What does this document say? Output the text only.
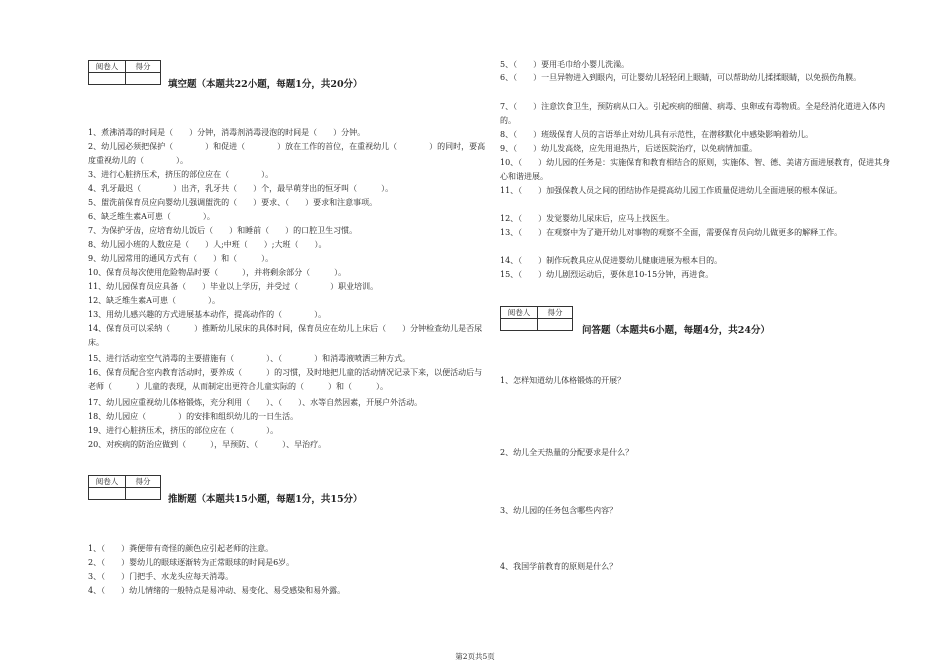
阅卷人	得分

填空题（本题共22小题，每题1分，共20分）
1、煮沸消毒的时间是（　　）分钟，消毒剂消毒浸泡的时间是（　　）分钟。
2、幼儿园必须把保护（　　　　）和促进（　　　　）放在工作的首位，在重视幼儿（　　　　）的同时，要高度重视幼儿的（　　　　）。
3、进行心脏挤压术，挤压的部位应在（　　　　）。
4、乳牙最迟（　　　　）出齐，乳牙共（　　）个，最早萌芽出的恒牙叫（　　　）。
5、盥洗前保育员应向婴幼儿强调盥洗的（　　）要求、（　　）要求和注意事项。
6、缺乏维生素A可患（　　　　）。
7、为保护牙齿，应培育幼儿饭后（　　）和睡前（　　）的口腔卫生习惯。
8、幼儿园小班的人数应是（　　）人;中班（　　）;大班（　　）。
9、幼儿园常用的通风方式有（　　）和（　　　）。
10、保育员每次使用危险物品时要（　　　），并将剩余部分（　　　）。
11、幼儿园保育员应具备（　　）毕业以上学历，并受过（　　　　）职业培训。
12、缺乏维生素A可患（　　　　）。
13、用幼儿感兴趣的方式进展基本动作，提高动作的（　　　　）。
14、保育员可以采纳（　　　）推断幼儿尿床的具体时间，保育员应在幼儿上床后（　　）分钟检查幼儿是否尿床。
15、进行活动室空气消毒的主要措施有（　　　　）、（　　　　）和消毒液喷洒三种方式。
16、保育员配合室内教育活动时，要养成（　　　）的习惯，及时地把儿童的活动情况记录下来，以便活动后与老师（　　　）儿童的表现，从而制定出更符合儿童实际的（　　　）和（　　　）。
17、幼儿园应重视幼儿体格锻炼，充分利用（　　）、（　　）、水等自然因素，开展户外活动。
18、幼儿园应（　　　　）的安排和组织幼儿的一日生活。
19、进行心脏挤压术，挤压的部位应在（　　　　）。
20、对疾病的防治应做到（　　　），早预防、（　　　）、早治疗。
阅卷人	得分

推断题（本题共15小题，每题1分，共15分）
1、（　　）粪便带有奇怪的颜色应引起老师的注意。
2、（　　）婴幼儿的眼球逐渐转为正常眼球的时间是6岁。
3、（　　）门把手、水龙头应每天消毒。
4、（　　）幼儿情绪的一般特点是易冲动、易变化、易受感染和易外露。
5、（　　）要用毛巾给小婴儿洗澡。
6、（　　）一旦异物进入到眼内，可让婴幼儿轻轻闭上眼睛，可以帮助幼儿揉揉眼睛，以免损伤角膜。
7、（　　）注意饮食卫生，预防病从口入。引起疾病的细菌、病毒、虫卵或有毒物质。全是经消化道进入体内的。
8、（　　）班级保育人员的言语举止对幼儿具有示范性，在潜移默化中感染影响着幼儿。
9、（　　）幼儿发高烧，应先用退热片，后送医院治疗，以免病情加重。
10、（　　）幼儿园的任务是：实施保育和教育相结合的原则，实施体、智、德、美诸方面进展教育，促进其身心和谐进展。
11、（　　）加强保教人员之间的团结协作是提高幼儿园工作质量促进幼儿全面进展的根本保证。
12、（　　）发觉婴幼儿尿床后，应马上找医生。
13、（　　）在观察中为了避开幼儿对事物的观察不全面，需要保育员向幼儿做更多的解释工作。
14、（　　）制作玩教具应从促进婴幼儿健康进展为根本目的。
15、（　　）幼儿剧烈运动后，要休息10-15分钟，再进食。
阅卷人	得分

问答题（本题共6小题，每题4分，共24分）
1、怎样知道幼儿体格锻炼的开展？
2、幼儿全天热量的分配要求是什么？
3、幼儿园的任务包含哪些内容？
4、我国学前教育的原则是什么？
第2页共5页
